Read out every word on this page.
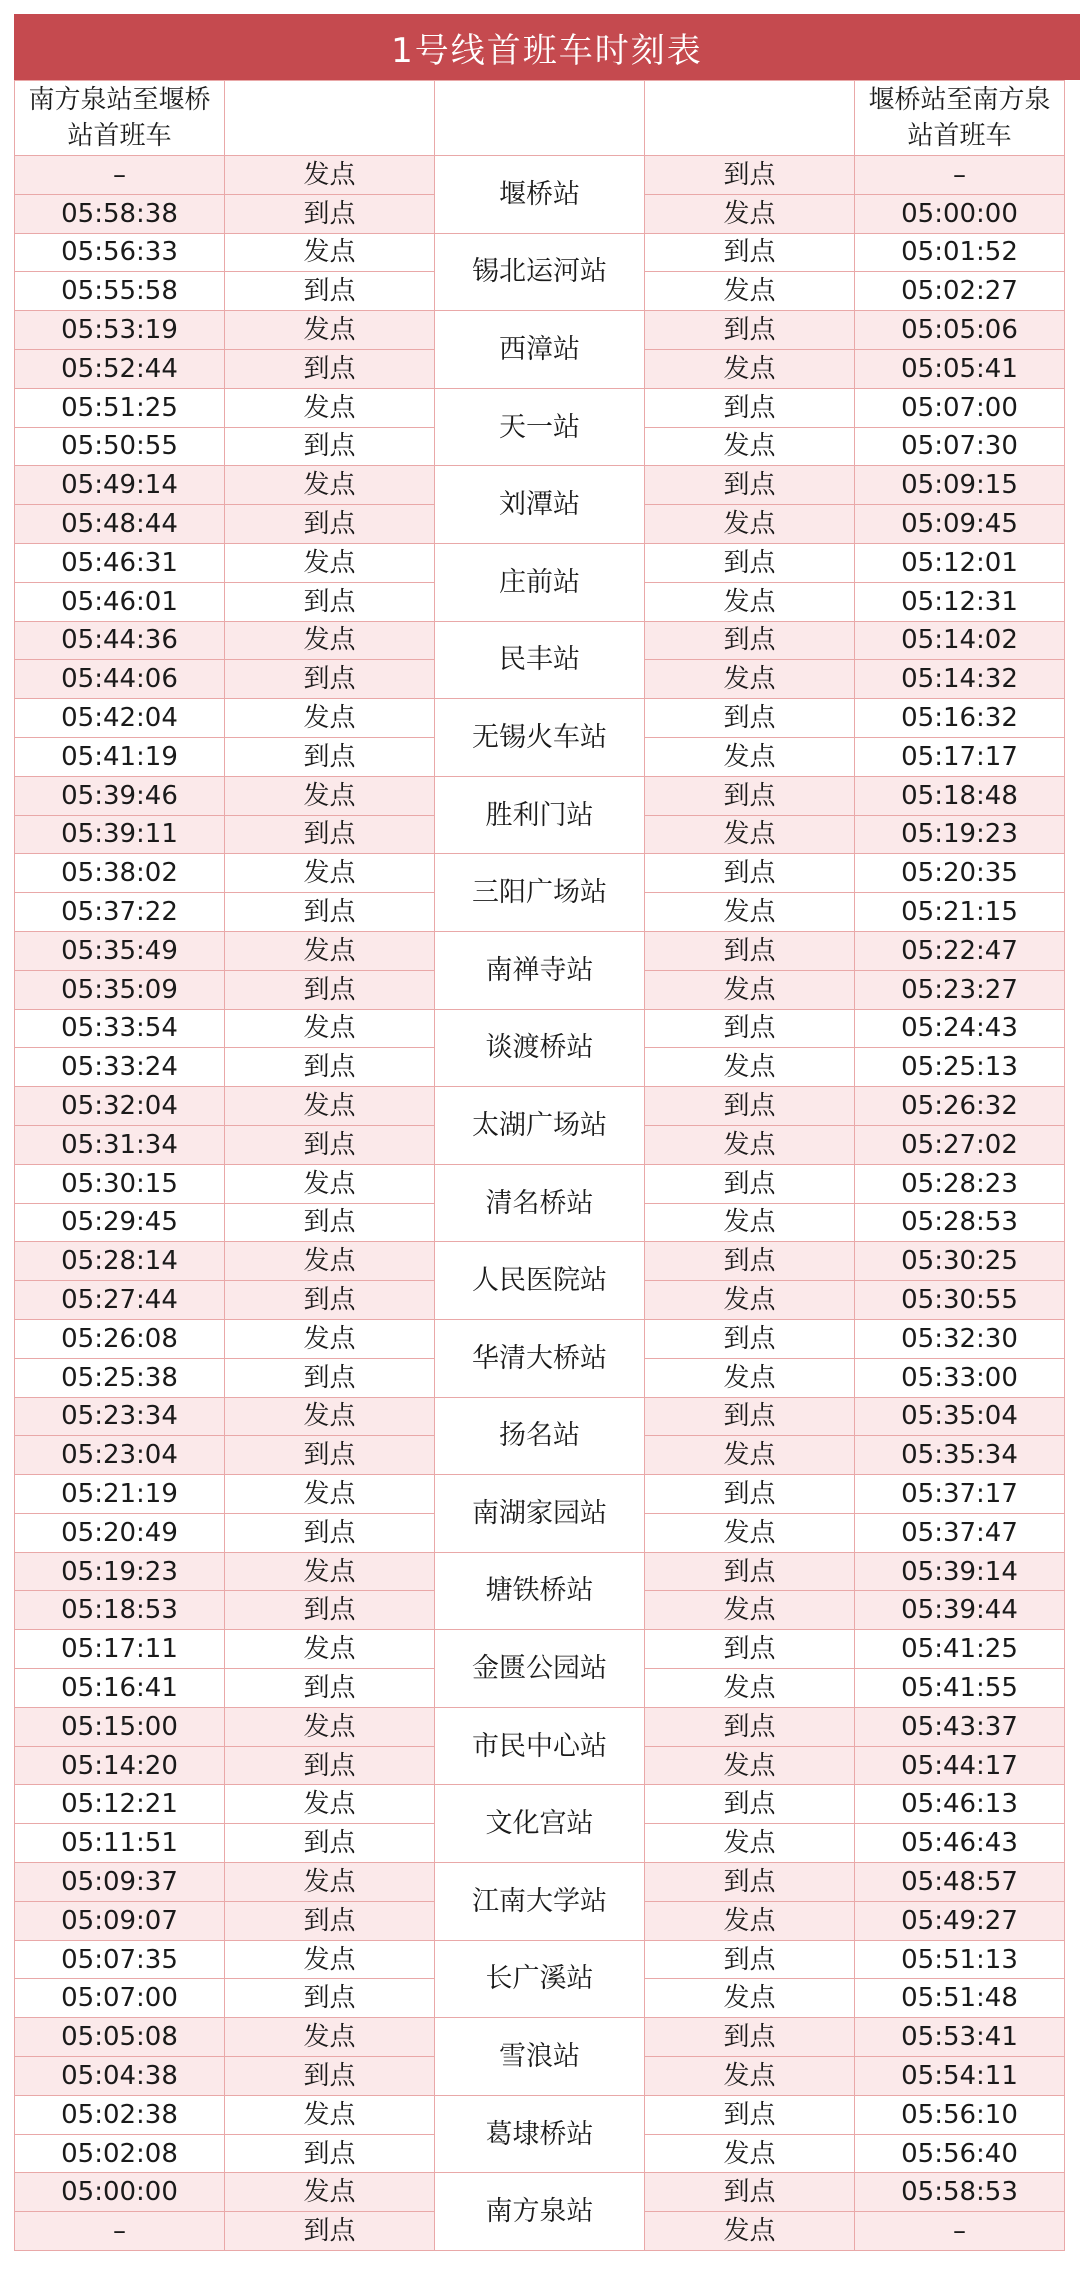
1号线首班车时刻表
南方泉站至堰桥站首班车				堰桥站至南方泉站首班车
–	发点	堰桥站	到点	–
05:58:38	到点		发点	05:00:00
05:56:33	发点	锡北运河站	到点	05:01:52
05:55:58	到点		发点	05:02:27
05:53:19	发点	西漳站	到点	05:05:06
05:52:44	到点		发点	05:05:41
05:51:25	发点	天一站	到点	05:07:00
05:50:55	到点		发点	05:07:30
05:49:14	发点	刘潭站	到点	05:09:15
05:48:44	到点		发点	05:09:45
05:46:31	发点	庄前站	到点	05:12:01
05:46:01	到点		发点	05:12:31
05:44:36	发点	民丰站	到点	05:14:02
05:44:06	到点		发点	05:14:32
05:42:04	发点	无锡火车站	到点	05:16:32
05:41:19	到点		发点	05:17:17
05:39:46	发点	胜利门站	到点	05:18:48
05:39:11	到点		发点	05:19:23
05:38:02	发点	三阳广场站	到点	05:20:35
05:37:22	到点		发点	05:21:15
05:35:49	发点	南禅寺站	到点	05:22:47
05:35:09	到点		发点	05:23:27
05:33:54	发点	谈渡桥站	到点	05:24:43
05:33:24	到点		发点	05:25:13
05:32:04	发点	太湖广场站	到点	05:26:32
05:31:34	到点		发点	05:27:02
05:30:15	发点	清名桥站	到点	05:28:23
05:29:45	到点		发点	05:28:53
05:28:14	发点	人民医院站	到点	05:30:25
05:27:44	到点		发点	05:30:55
05:26:08	发点	华清大桥站	到点	05:32:30
05:25:38	到点		发点	05:33:00
05:23:34	发点	扬名站	到点	05:35:04
05:23:04	到点		发点	05:35:34
05:21:19	发点	南湖家园站	到点	05:37:17
05:20:49	到点		发点	05:37:47
05:19:23	发点	塘铁桥站	到点	05:39:14
05:18:53	到点		发点	05:39:44
05:17:11	发点	金匮公园站	到点	05:41:25
05:16:41	到点		发点	05:41:55
05:15:00	发点	市民中心站	到点	05:43:37
05:14:20	到点		发点	05:44:17
05:12:21	发点	文化宫站	到点	05:46:13
05:11:51	到点		发点	05:46:43
05:09:37	发点	江南大学站	到点	05:48:57
05:09:07	到点		发点	05:49:27
05:07:35	发点	长广溪站	到点	05:51:13
05:07:00	到点		发点	05:51:48
05:05:08	发点	雪浪站	到点	05:53:41
05:04:38	到点		发点	05:54:11
05:02:38	发点	葛埭桥站	到点	05:56:10
05:02:08	到点		发点	05:56:40
05:00:00	发点	南方泉站	到点	05:58:53
–	到点		发点	–
